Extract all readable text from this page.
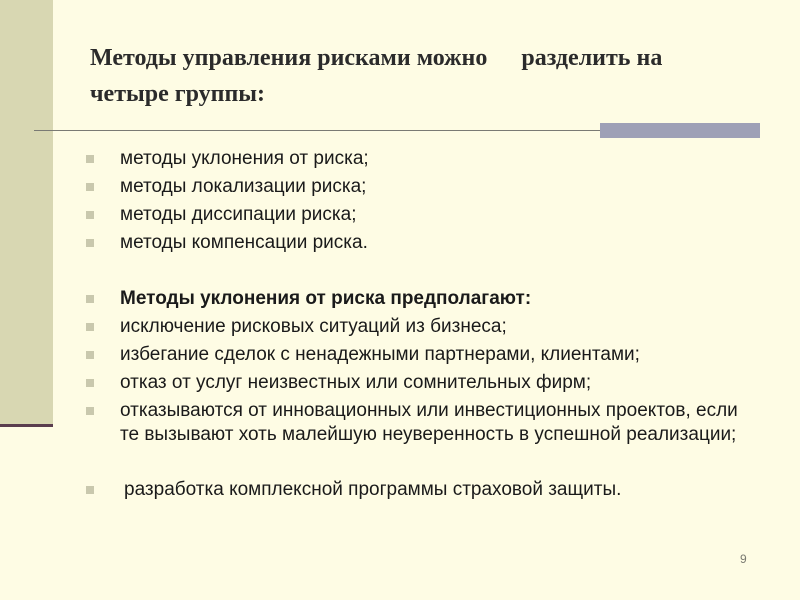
Методы управления рисками можно разделить на
четыре группы:
методы уклонения от риска;
методы локализации риска;
методы диссипации риска;
методы компенсации риска.
Методы уклонения от риска предполагают:
исключение рисковых ситуаций из бизнеса;
избегание сделок с ненадежными партнерами, клиентами;
отказ от услуг неизвестных или сомнительных фирм;
отказываются от инновационных или инвестиционных проектов, если те вызывают хоть малейшую неуверенность в успешной реализации;
разработка комплексной программы страховой защиты.
9
